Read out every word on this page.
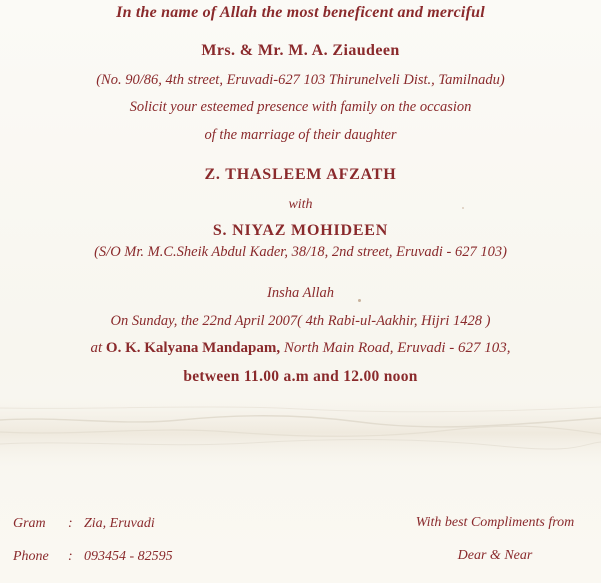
In the name of Allah the most beneficent and merciful
Mrs. & Mr. M. A. Ziaudeen
(No. 90/86, 4th street, Eruvadi-627 103 Thirunelveli Dist., Tamilnadu)
Solicit your esteemed presence with family on the occasion
of the marriage of their daughter
Z. THASLEEM AFZATH
with
S. NIYAZ MOHIDEEN
(S/O Mr. M.C.Sheik Abdul Kader, 38/18, 2nd street, Eruvadi - 627 103)
Insha Allah
On Sunday, the 22nd April 2007( 4th Rabi-ul-Aakhir, Hijri 1428 )
at O. K. Kalyana Mandapam, North Main Road, Eruvadi - 627 103,
between 11.00 a.m and 12.00 noon
Gram : Zia, Eruvadi
Phone : 093454 - 82595
With best Compliments from
Dear & Near
